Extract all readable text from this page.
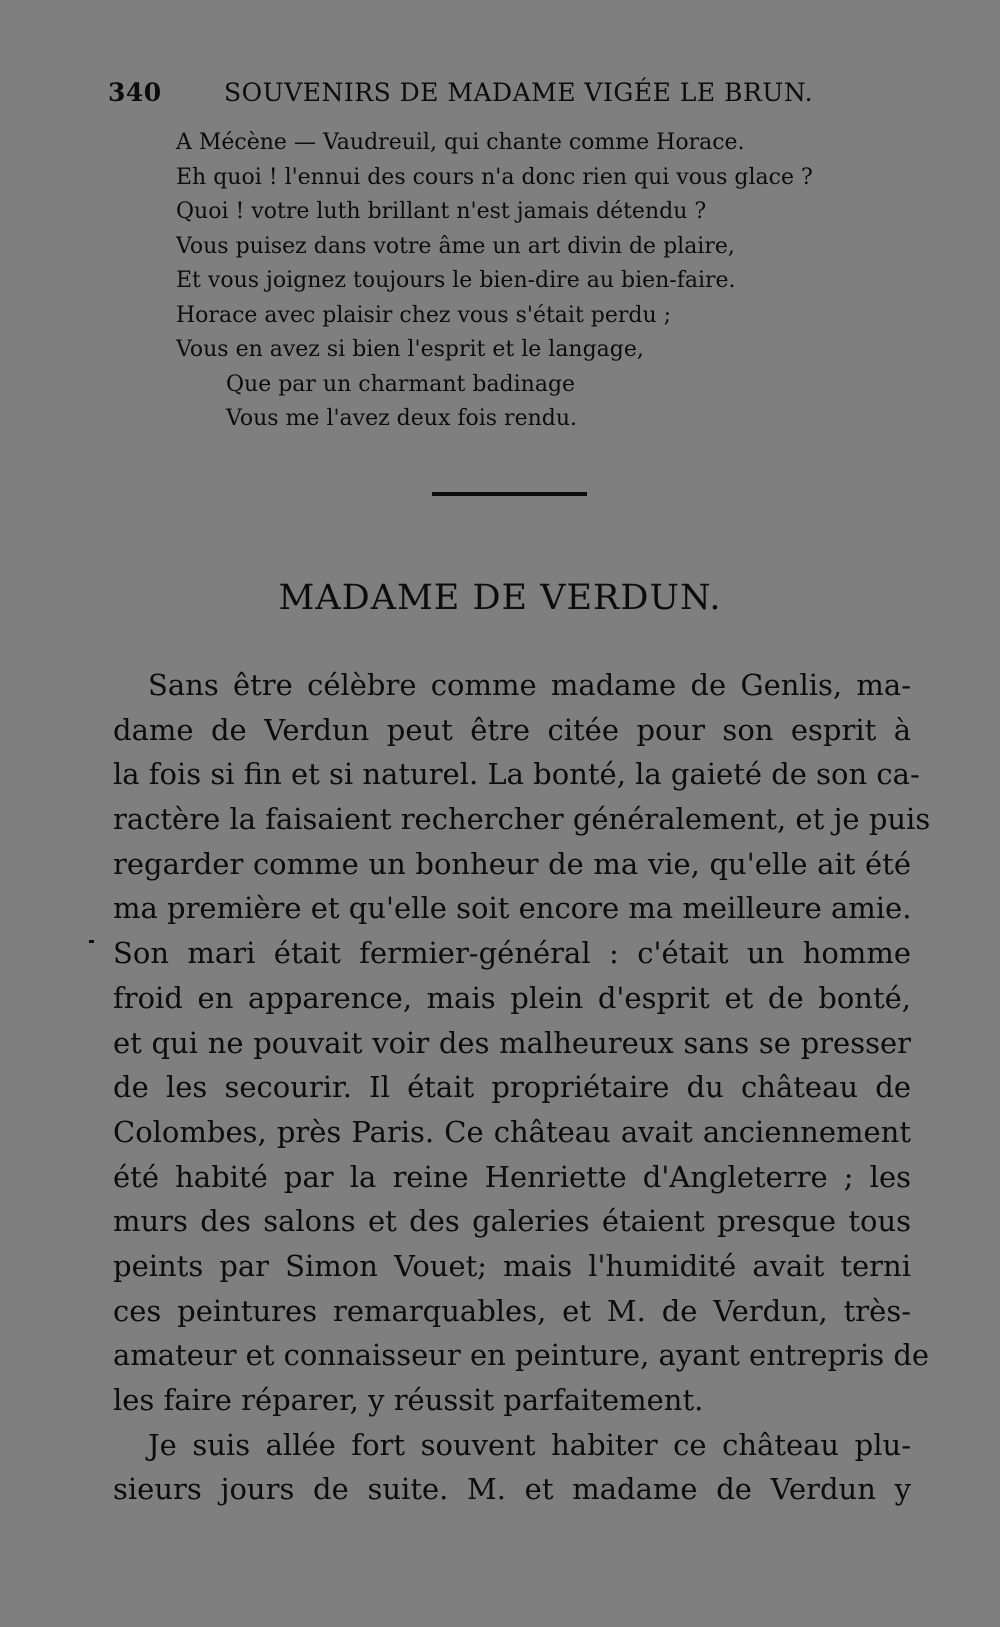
340 SOUVENIRS DE MADAME VIGÉE LE BRUN.
A Mécène — Vaudreuil, qui chante comme Horace.
Eh quoi ! l'ennui des cours n'a donc rien qui vous glace ?
Quoi ! votre luth brillant n'est jamais détendu ?
Vous puisez dans votre âme un art divin de plaire,
Et vous joignez toujours le bien-dire au bien-faire.
Horace avec plaisir chez vous s'était perdu ;
Vous en avez si bien l'esprit et le langage,
Que par un charmant badinage
Vous me l'avez deux fois rendu.
MADAME DE VERDUN.
Sans être célèbre comme madame de Genlis, ma-
dame de Verdun peut être citée pour son esprit à
la fois si fin et si naturel. La bonté, la gaieté de son ca-
ractère la faisaient rechercher généralement, et je puis
regarder comme un bonheur de ma vie, qu'elle ait été
ma première et qu'elle soit encore ma meilleure amie.
Son mari était fermier-général : c'était un homme
froid en apparence, mais plein d'esprit et de bonté,
et qui ne pouvait voir des malheureux sans se presser
de les secourir. Il était propriétaire du château de
Colombes, près Paris. Ce château avait anciennement
été habité par la reine Henriette d'Angleterre ; les
murs des salons et des galeries étaient presque tous
peints par Simon Vouet; mais l'humidité avait terni
ces peintures remarquables, et M. de Verdun, très-
amateur et connaisseur en peinture, ayant entrepris de
les faire réparer, y réussit parfaitement.
Je suis allée fort souvent habiter ce château plu-
sieurs jours de suite. M. et madame de Verdun y
